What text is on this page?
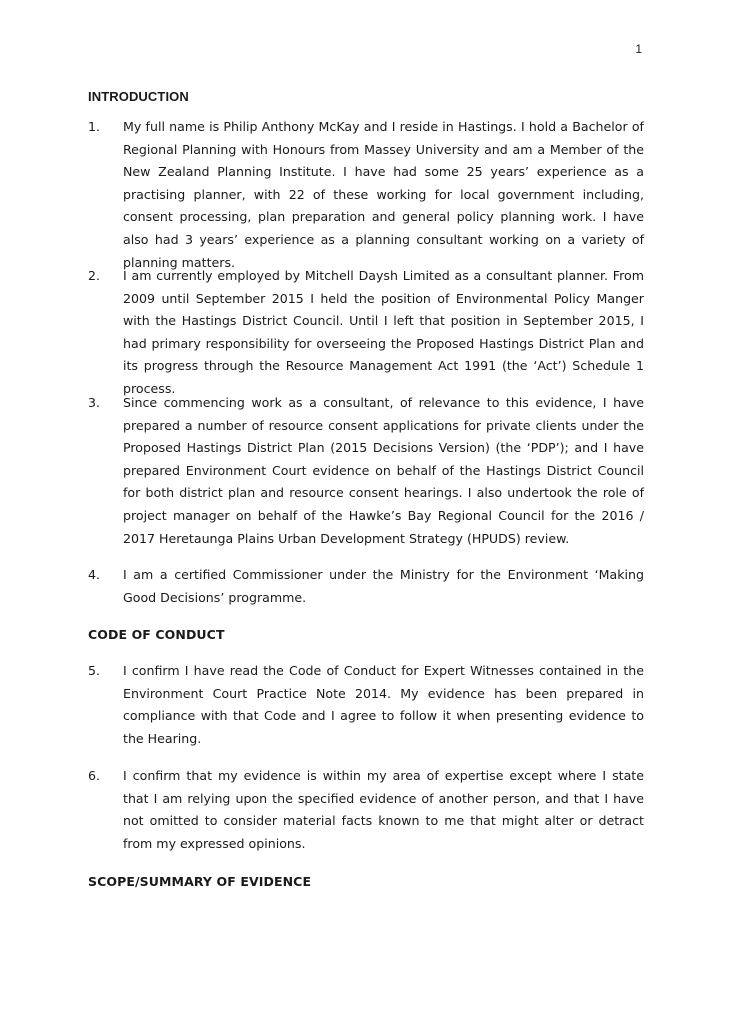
1
INTRODUCTION
1. My full name is Philip Anthony McKay and I reside in Hastings. I hold a Bachelor of Regional Planning with Honours from Massey University and am a Member of the New Zealand Planning Institute. I have had some 25 years’ experience as a practising planner, with 22 of these working for local government including, consent processing, plan preparation and general policy planning work. I have also had 3 years’ experience as a planning consultant working on a variety of planning matters.
2. I am currently employed by Mitchell Daysh Limited as a consultant planner. From 2009 until September 2015 I held the position of Environmental Policy Manger with the Hastings District Council. Until I left that position in September 2015, I had primary responsibility for overseeing the Proposed Hastings District Plan and its progress through the Resource Management Act 1991 (the ‘Act’) Schedule 1 process.
3. Since commencing work as a consultant, of relevance to this evidence, I have prepared a number of resource consent applications for private clients under the Proposed Hastings District Plan (2015 Decisions Version) (the ‘PDP’); and I have prepared Environment Court evidence on behalf of the Hastings District Council for both district plan and resource consent hearings. I also undertook the role of project manager on behalf of the Hawke’s Bay Regional Council for the 2016 / 2017 Heretaunga Plains Urban Development Strategy (HPUDS) review.
4. I am a certified Commissioner under the Ministry for the Environment ‘Making Good Decisions’ programme.
CODE OF CONDUCT
5. I confirm I have read the Code of Conduct for Expert Witnesses contained in the Environment Court Practice Note 2014. My evidence has been prepared in compliance with that Code and I agree to follow it when presenting evidence to the Hearing.
6. I confirm that my evidence is within my area of expertise except where I state that I am relying upon the specified evidence of another person, and that I have not omitted to consider material facts known to me that might alter or detract from my expressed opinions.
SCOPE/SUMMARY OF EVIDENCE
